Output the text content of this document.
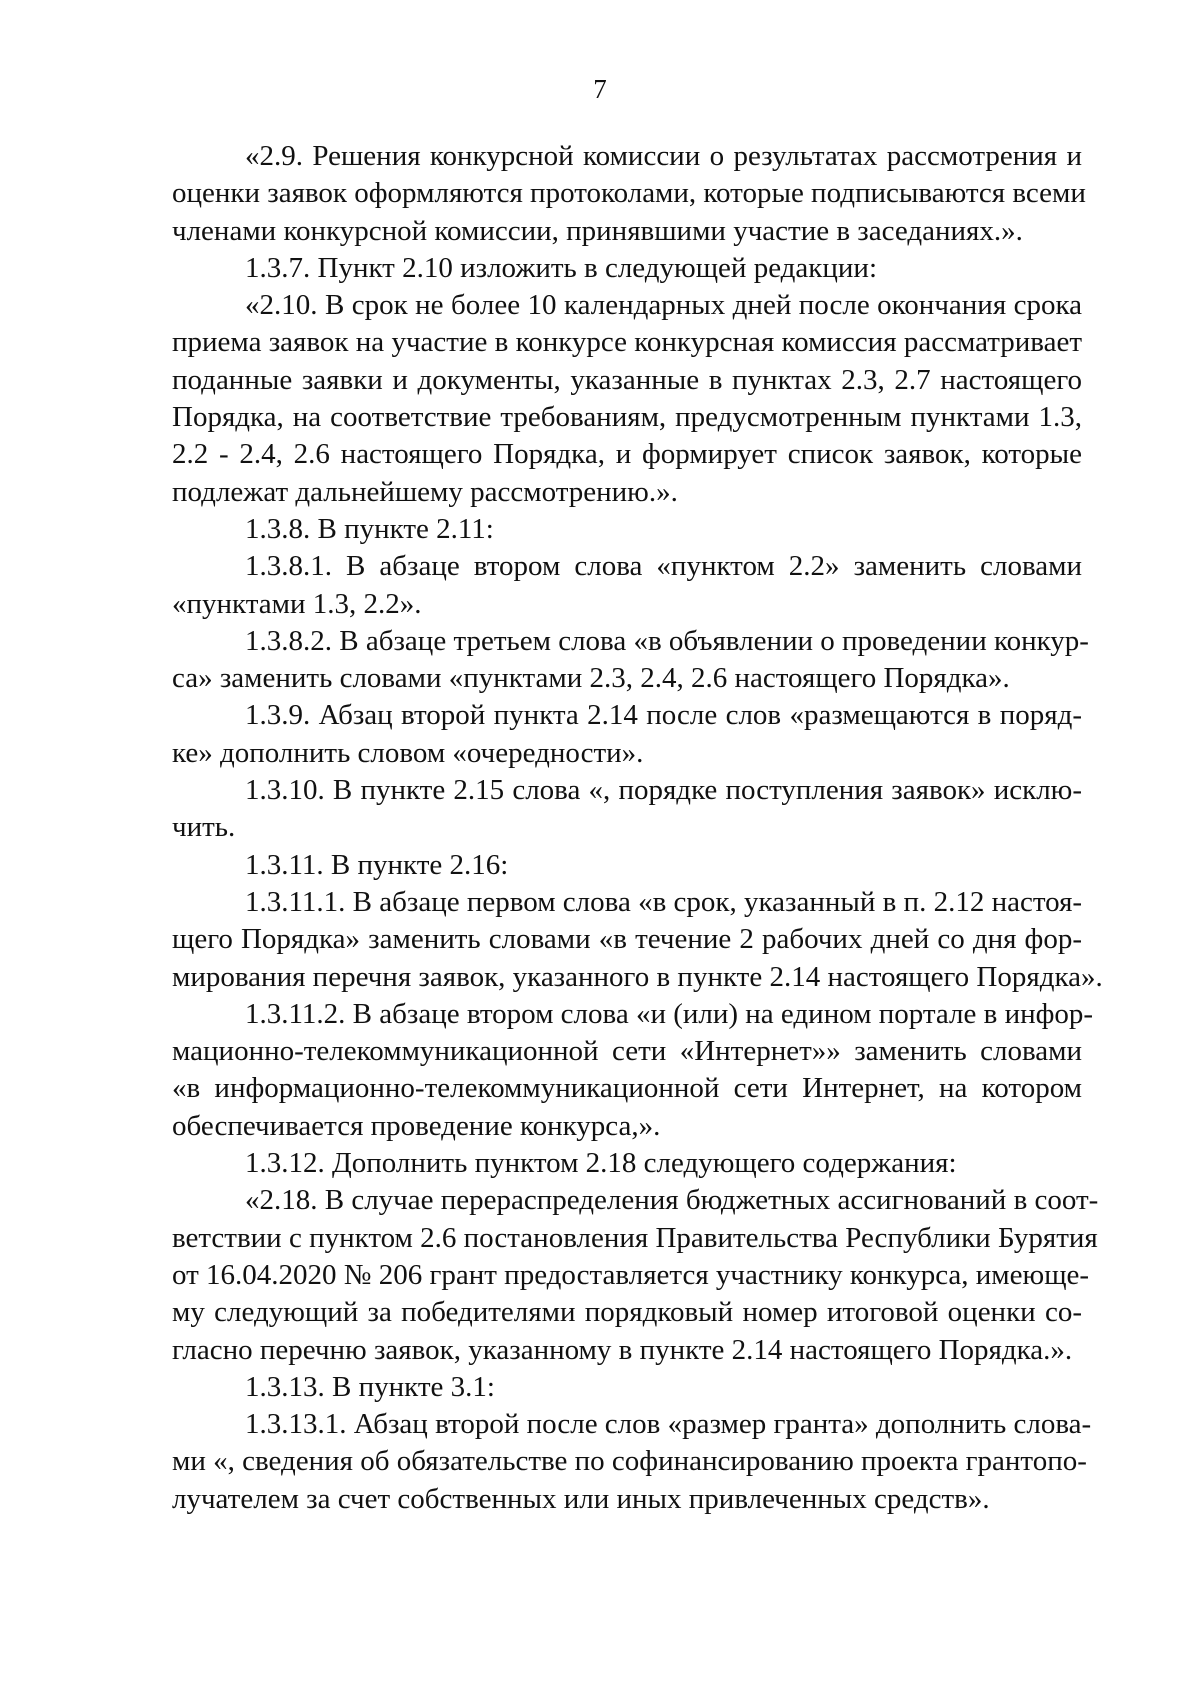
7
«2.9. Решения конкурсной комиссии о результатах рассмотрения и
оценки заявок оформляются протоколами, которые подписываются всеми
членами конкурсной комиссии, принявшими участие в заседаниях.».
1.3.7. Пункт 2.10 изложить в следующей редакции:
«2.10. В срок не более 10 календарных дней после окончания срока
приема заявок на участие в конкурсе конкурсная комиссия рассматривает
поданные заявки и документы, указанные в пунктах 2.3, 2.7 настоящего
Порядка, на соответствие требованиям, предусмотренным пунктами 1.3,
2.2 - 2.4, 2.6 настоящего Порядка, и формирует список заявок, которые
подлежат дальнейшему рассмотрению.».
1.3.8. В пункте 2.11:
1.3.8.1. В абзаце втором слова «пунктом 2.2» заменить словами
«пунктами 1.3, 2.2».
1.3.8.2. В абзаце третьем слова «в объявлении о проведении конкур-
са» заменить словами «пунктами 2.3, 2.4, 2.6 настоящего Порядка».
1.3.9. Абзац второй пункта 2.14 после слов «размещаются в поряд-
ке» дополнить словом «очередности».
1.3.10. В пункте 2.15 слова «, порядке поступления заявок» исклю-
чить.
1.3.11. В пункте 2.16:
1.3.11.1. В абзаце первом слова «в срок, указанный в п. 2.12 настоя-
щего Порядка» заменить словами «в течение 2 рабочих дней со дня фор-
мирования перечня заявок, указанного в пункте 2.14 настоящего Порядка».
1.3.11.2. В абзаце втором слова «и (или) на едином портале в инфор-
мационно-телекоммуникационной сети «Интернет»» заменить словами
«в информационно-телекоммуникационной сети Интернет, на котором
обеспечивается проведение конкурса,».
1.3.12. Дополнить пунктом 2.18 следующего содержания:
«2.18. В случае перераспределения бюджетных ассигнований в соот-
ветствии с пунктом 2.6 постановления Правительства Республики Бурятия
от 16.04.2020 № 206 грант предоставляется участнику конкурса, имеюще-
му следующий за победителями порядковый номер итоговой оценки со-
гласно перечню заявок, указанному в пункте 2.14 настоящего Порядка.».
1.3.13. В пункте 3.1:
1.3.13.1. Абзац второй после слов «размер гранта» дополнить слова-
ми «, сведения об обязательстве по софинансированию проекта грантопо-
лучателем за счет собственных или иных привлеченных средств».
